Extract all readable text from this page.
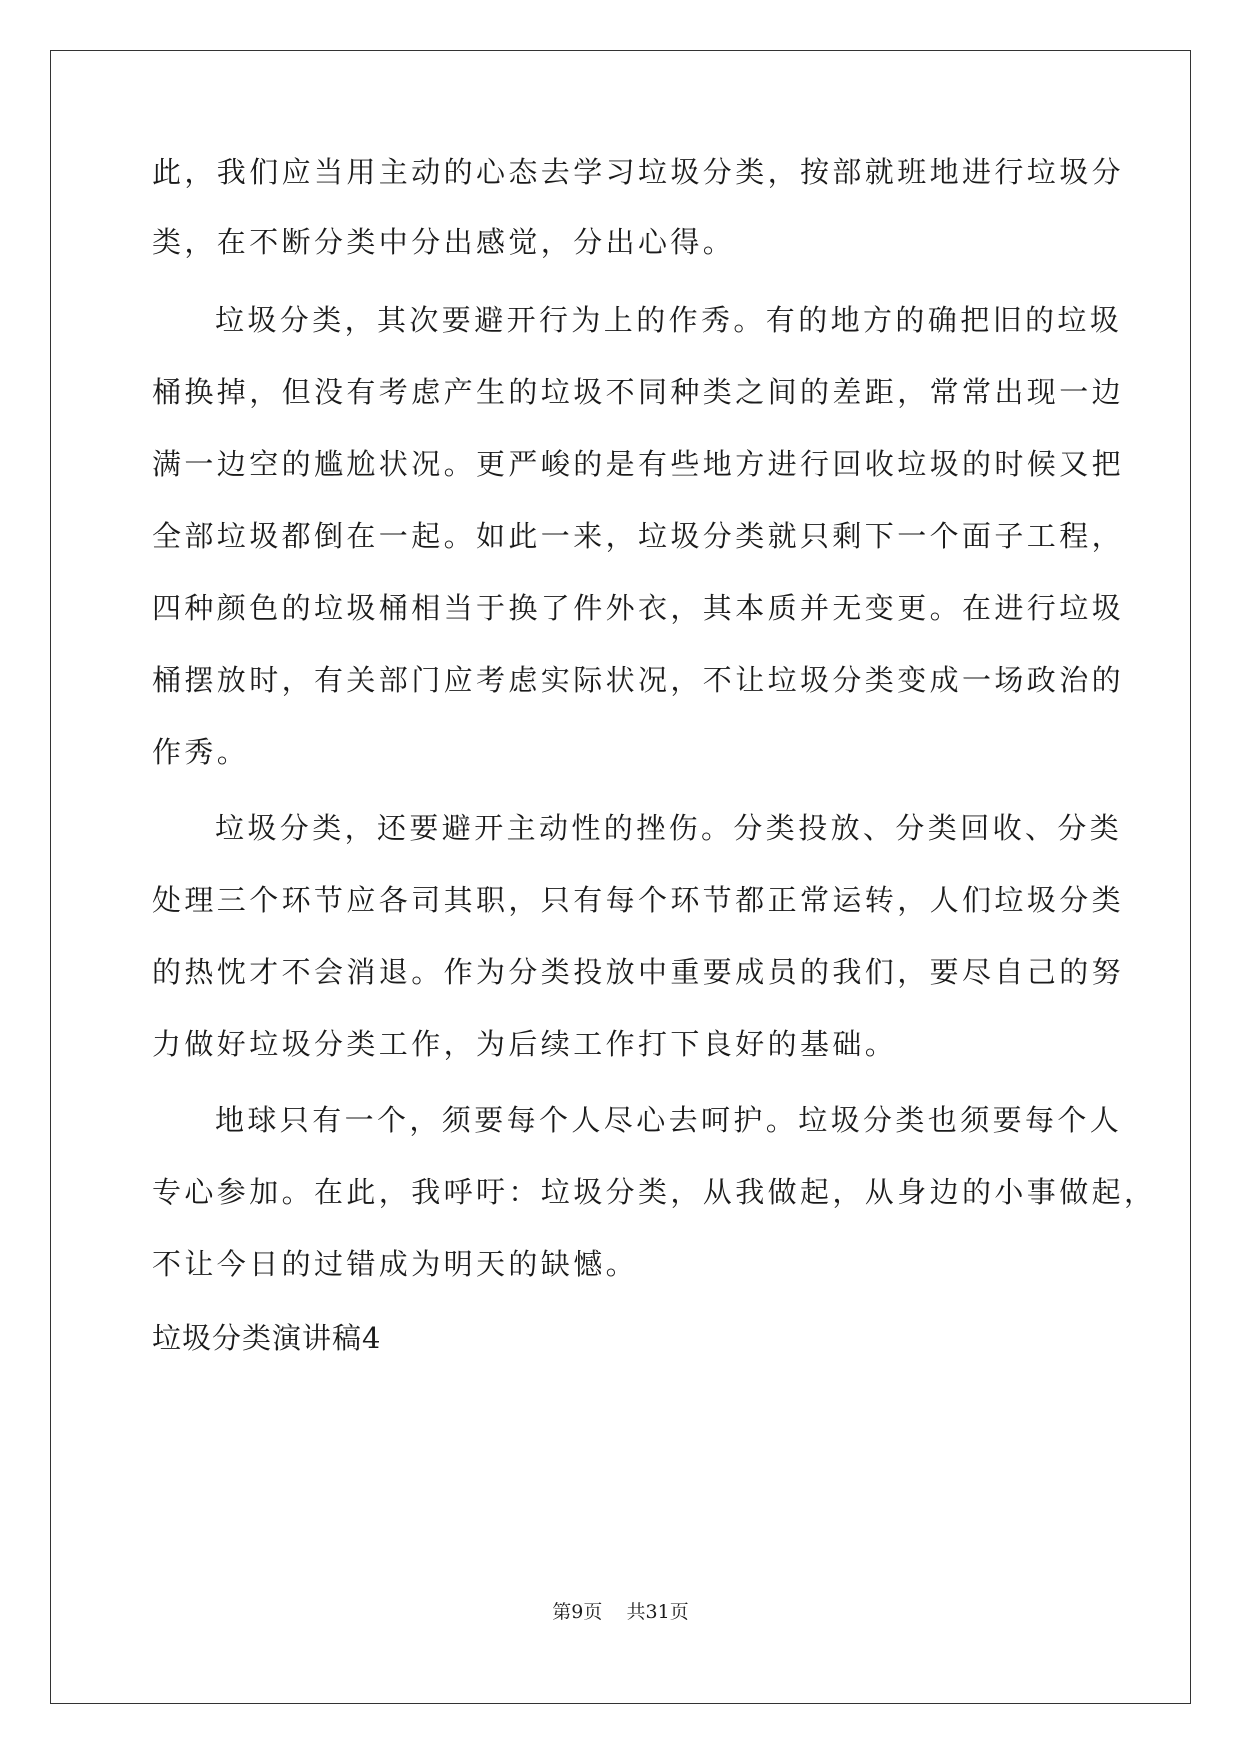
此，我们应当用主动的心态去学习垃圾分类，按部就班地进行垃圾分
类，在不断分类中分出感觉，分出心得。
垃圾分类，其次要避开行为上的作秀。有的地方的确把旧的垃圾
桶换掉，但没有考虑产生的垃圾不同种类之间的差距，常常出现一边
满一边空的尴尬状况。更严峻的是有些地方进行回收垃圾的时候又把
全部垃圾都倒在一起。如此一来，垃圾分类就只剩下一个面子工程，
四种颜色的垃圾桶相当于换了件外衣，其本质并无变更。在进行垃圾
桶摆放时，有关部门应考虑实际状况，不让垃圾分类变成一场政治的
作秀。
垃圾分类，还要避开主动性的挫伤。分类投放、分类回收、分类
处理三个环节应各司其职，只有每个环节都正常运转，人们垃圾分类
的热忱才不会消退。作为分类投放中重要成员的我们，要尽自己的努
力做好垃圾分类工作，为后续工作打下良好的基础。
地球只有一个，须要每个人尽心去呵护。垃圾分类也须要每个人
专心参加。在此，我呼吁：垃圾分类，从我做起，从身边的小事做起，
不让今日的过错成为明天的缺憾。
垃圾分类演讲稿4
第9页    共31页
